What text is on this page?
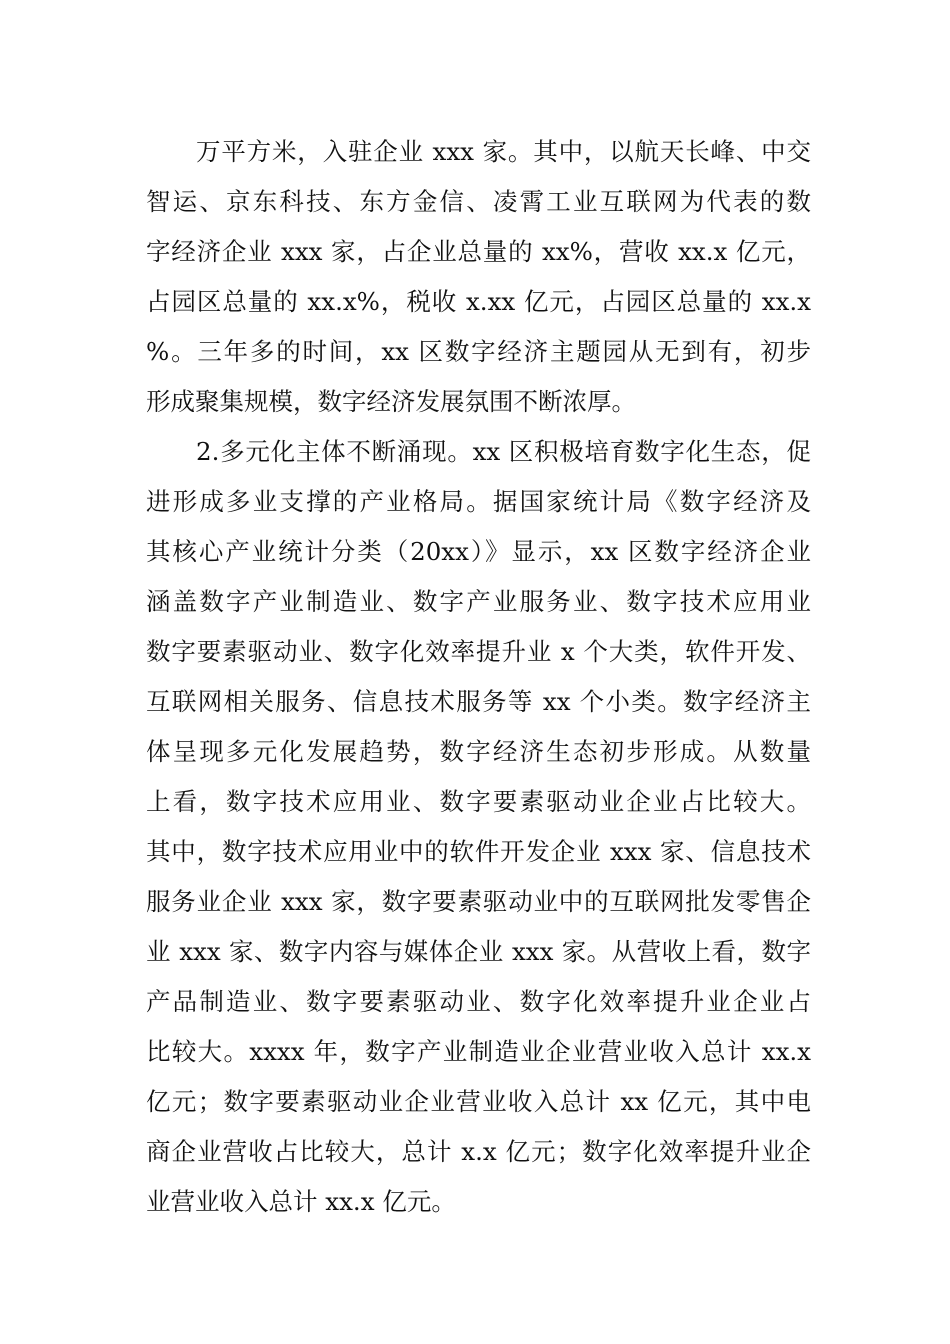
万平方米，入驻企业 xxx 家。其中，以航天长峰、中交
智运、京东科技、东方金信、凌霄工业互联网为代表的数
字经济企业 xxx 家，占企业总量的 xx%，营收 xx.x 亿元，
占园区总量的 xx.x%，税收 x.xx 亿元，占园区总量的 xx.x
%。三年多的时间，xx 区数字经济主题园从无到有，初步
形成聚集规模，数字经济发展氛围不断浓厚。
2.多元化主体不断涌现。xx 区积极培育数字化生态，促
进形成多业支撑的产业格局。据国家统计局《数字经济及
其核心产业统计分类（20xx）》显示，xx 区数字经济企业
涵盖数字产业制造业、数字产业服务业、数字技术应用业
数字要素驱动业、数字化效率提升业 x 个大类，软件开发、
互联网相关服务、信息技术服务等 xx 个小类。数字经济主
体呈现多元化发展趋势，数字经济生态初步形成。从数量
上看，数字技术应用业、数字要素驱动业企业占比较大。
其中，数字技术应用业中的软件开发企业 xxx 家、信息技术
服务业企业 xxx 家，数字要素驱动业中的互联网批发零售企
业 xxx 家、数字内容与媒体企业 xxx 家。从营收上看，数字
产品制造业、数字要素驱动业、数字化效率提升业企业占
比较大。xxxx 年，数字产业制造业企业营业收入总计 xx.x
亿元；数字要素驱动业企业营业收入总计 xx 亿元，其中电
商企业营收占比较大，总计 x.x 亿元；数字化效率提升业企
业营业收入总计 xx.x 亿元。
